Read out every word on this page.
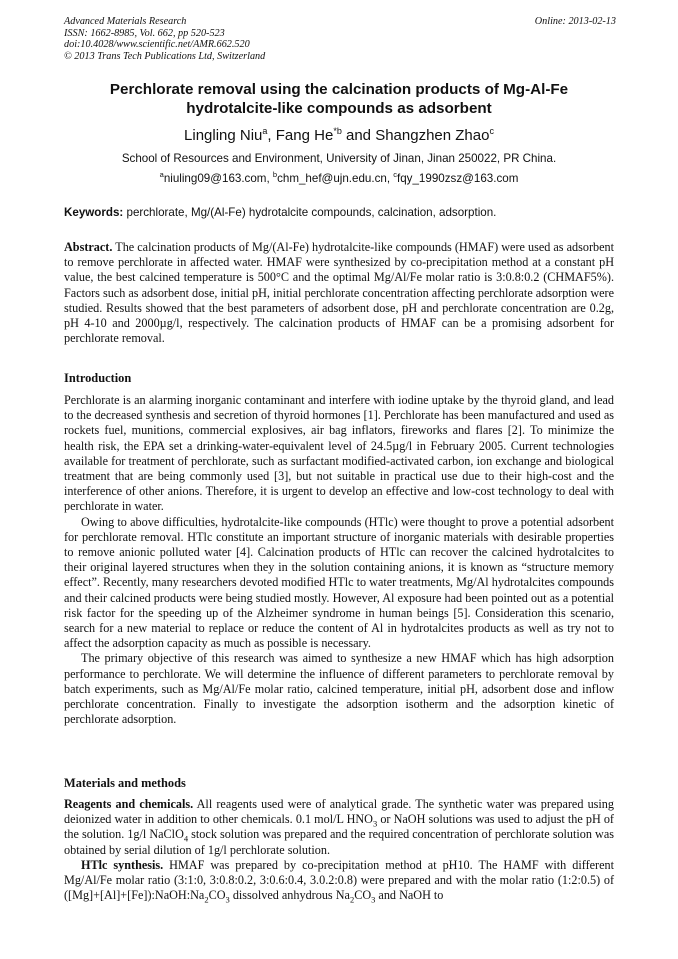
Advanced Materials Research
ISSN: 1662-8985, Vol. 662, pp 520-523
doi:10.4028/www.scientific.net/AMR.662.520
© 2013 Trans Tech Publications Ltd, Switzerland
Online: 2013-02-13
Perchlorate removal using the calcination products of Mg-Al-Fe
hydrotalcite-like compounds as adsorbent
Lingling Niu$^a$, Fang He$^{*b}$ and Shangzhen Zhao$^c$
School of Resources and Environment, University of Jinan, Jinan 250022, PR China.
$^a$niuling09@163.com, $^b$chm_hef@ujn.edu.cn, $^c$fqy_1990zsz@163.com
Keywords: perchlorate, Mg/(Al-Fe) hydrotalcite compounds, calcination, adsorption.

Abstract. The calcination products of Mg/(Al-Fe) hydrotalcite-like compounds (HMAF) were used as adsorbent to remove perchlorate in affected water. HMAF were synthesized by co-precipitation method at a constant pH value, the best calcined temperature is 500°C and the optimal Mg/Al/Fe molar ratio is 3:0.8:0.2 (CHMAF5%). Factors such as adsorbent dose, initial pH, initial perchlorate concentration affecting perchlorate adsorption were studied. Results showed that the best parameters of adsorbent dose, pH and perchlorate concentration are 0.2g, pH 4-10 and 2000µg/l, respectively. The calcination products of HMAF can be a promising adsorbent for perchlorate removal.

Introduction

Perchlorate is an alarming inorganic contaminant and interfere with iodine uptake by the thyroid gland, and lead to the decreased synthesis and secretion of thyroid hormones [1]. Perchlorate has been manufactured and used as rockets fuel, munitions, commercial explosives, air bag inflators, fireworks and flares [2]. To minimize the health risk, the EPA set a drinking-water-equivalent level of 24.5µg/l in February 2005. Current technologies available for treatment of perchlorate, such as surfactant modified-activated carbon, ion exchange and biological treatment that are being commonly used [3], but not suitable in practical use due to their high-cost and the interference of other anions. Therefore, it is urgent to develop an effective and low-cost technology to deal with perchlorate in water.

Owing to above difficulties, hydrotalcite-like compounds (HTlc) were thought to prove a potential adsorbent for perchlorate removal. HTlc constitute an important structure of inorganic materials with desirable properties to remove anionic polluted water [4]. Calcination products of HTlc can recover the calcined hydrotalcites to their original layered structures when they in the solution containing anions, it is known as “structure memory effect”. Recently, many researchers devoted modified HTlc to water treatments, Mg/Al hydrotalcites compounds and their calcined products were being studied mostly. However, Al exposure had been pointed out as a potential risk factor for the speeding up of the Alzheimer syndrome in human beings [5]. Consideration this scenario, search for a new material to replace or reduce the content of Al in hydrotalcites products as well as try not to affect the adsorption capacity as much as possible is necessary.

The primary objective of this research was aimed to synthesize a new HMAF which has high adsorption performance to perchlorate. We will determine the influence of different parameters to perchlorate removal by batch experiments, such as Mg/Al/Fe molar ratio, calcined temperature, initial pH, adsorbent dose and inflow perchlorate concentration. Finally to investigate the adsorption isotherm and the adsorption kinetic of perchlorate adsorption.

Materials and methods

Reagents and chemicals. All reagents used were of analytical grade. The synthetic water was prepared using deionized water in addition to other chemicals. 0.1 mol/L $HNO_3$ or NaOH solutions was used to adjust the pH of the solution. 1g/l NaClO$_4$ stock solution was prepared and the required concentration of perchlorate solution was obtained by serial dilution of 1g/l perchlorate solution.

HTlc synthesis. HMAF was prepared by co-precipitation method at pH10. The HAMF with different Mg/Al/Fe molar ratio (3:1:0, 3:0.8:0.2, 3:0.6:0.4, 3.0.2:0.8) were prepared and with the molar ratio (1:2:0.5) of $([Mg]+[Al]+[Fe]):NaOH:Na_2CO_3$ dissolved anhydrous $Na_2CO_3$ and NaOH to
